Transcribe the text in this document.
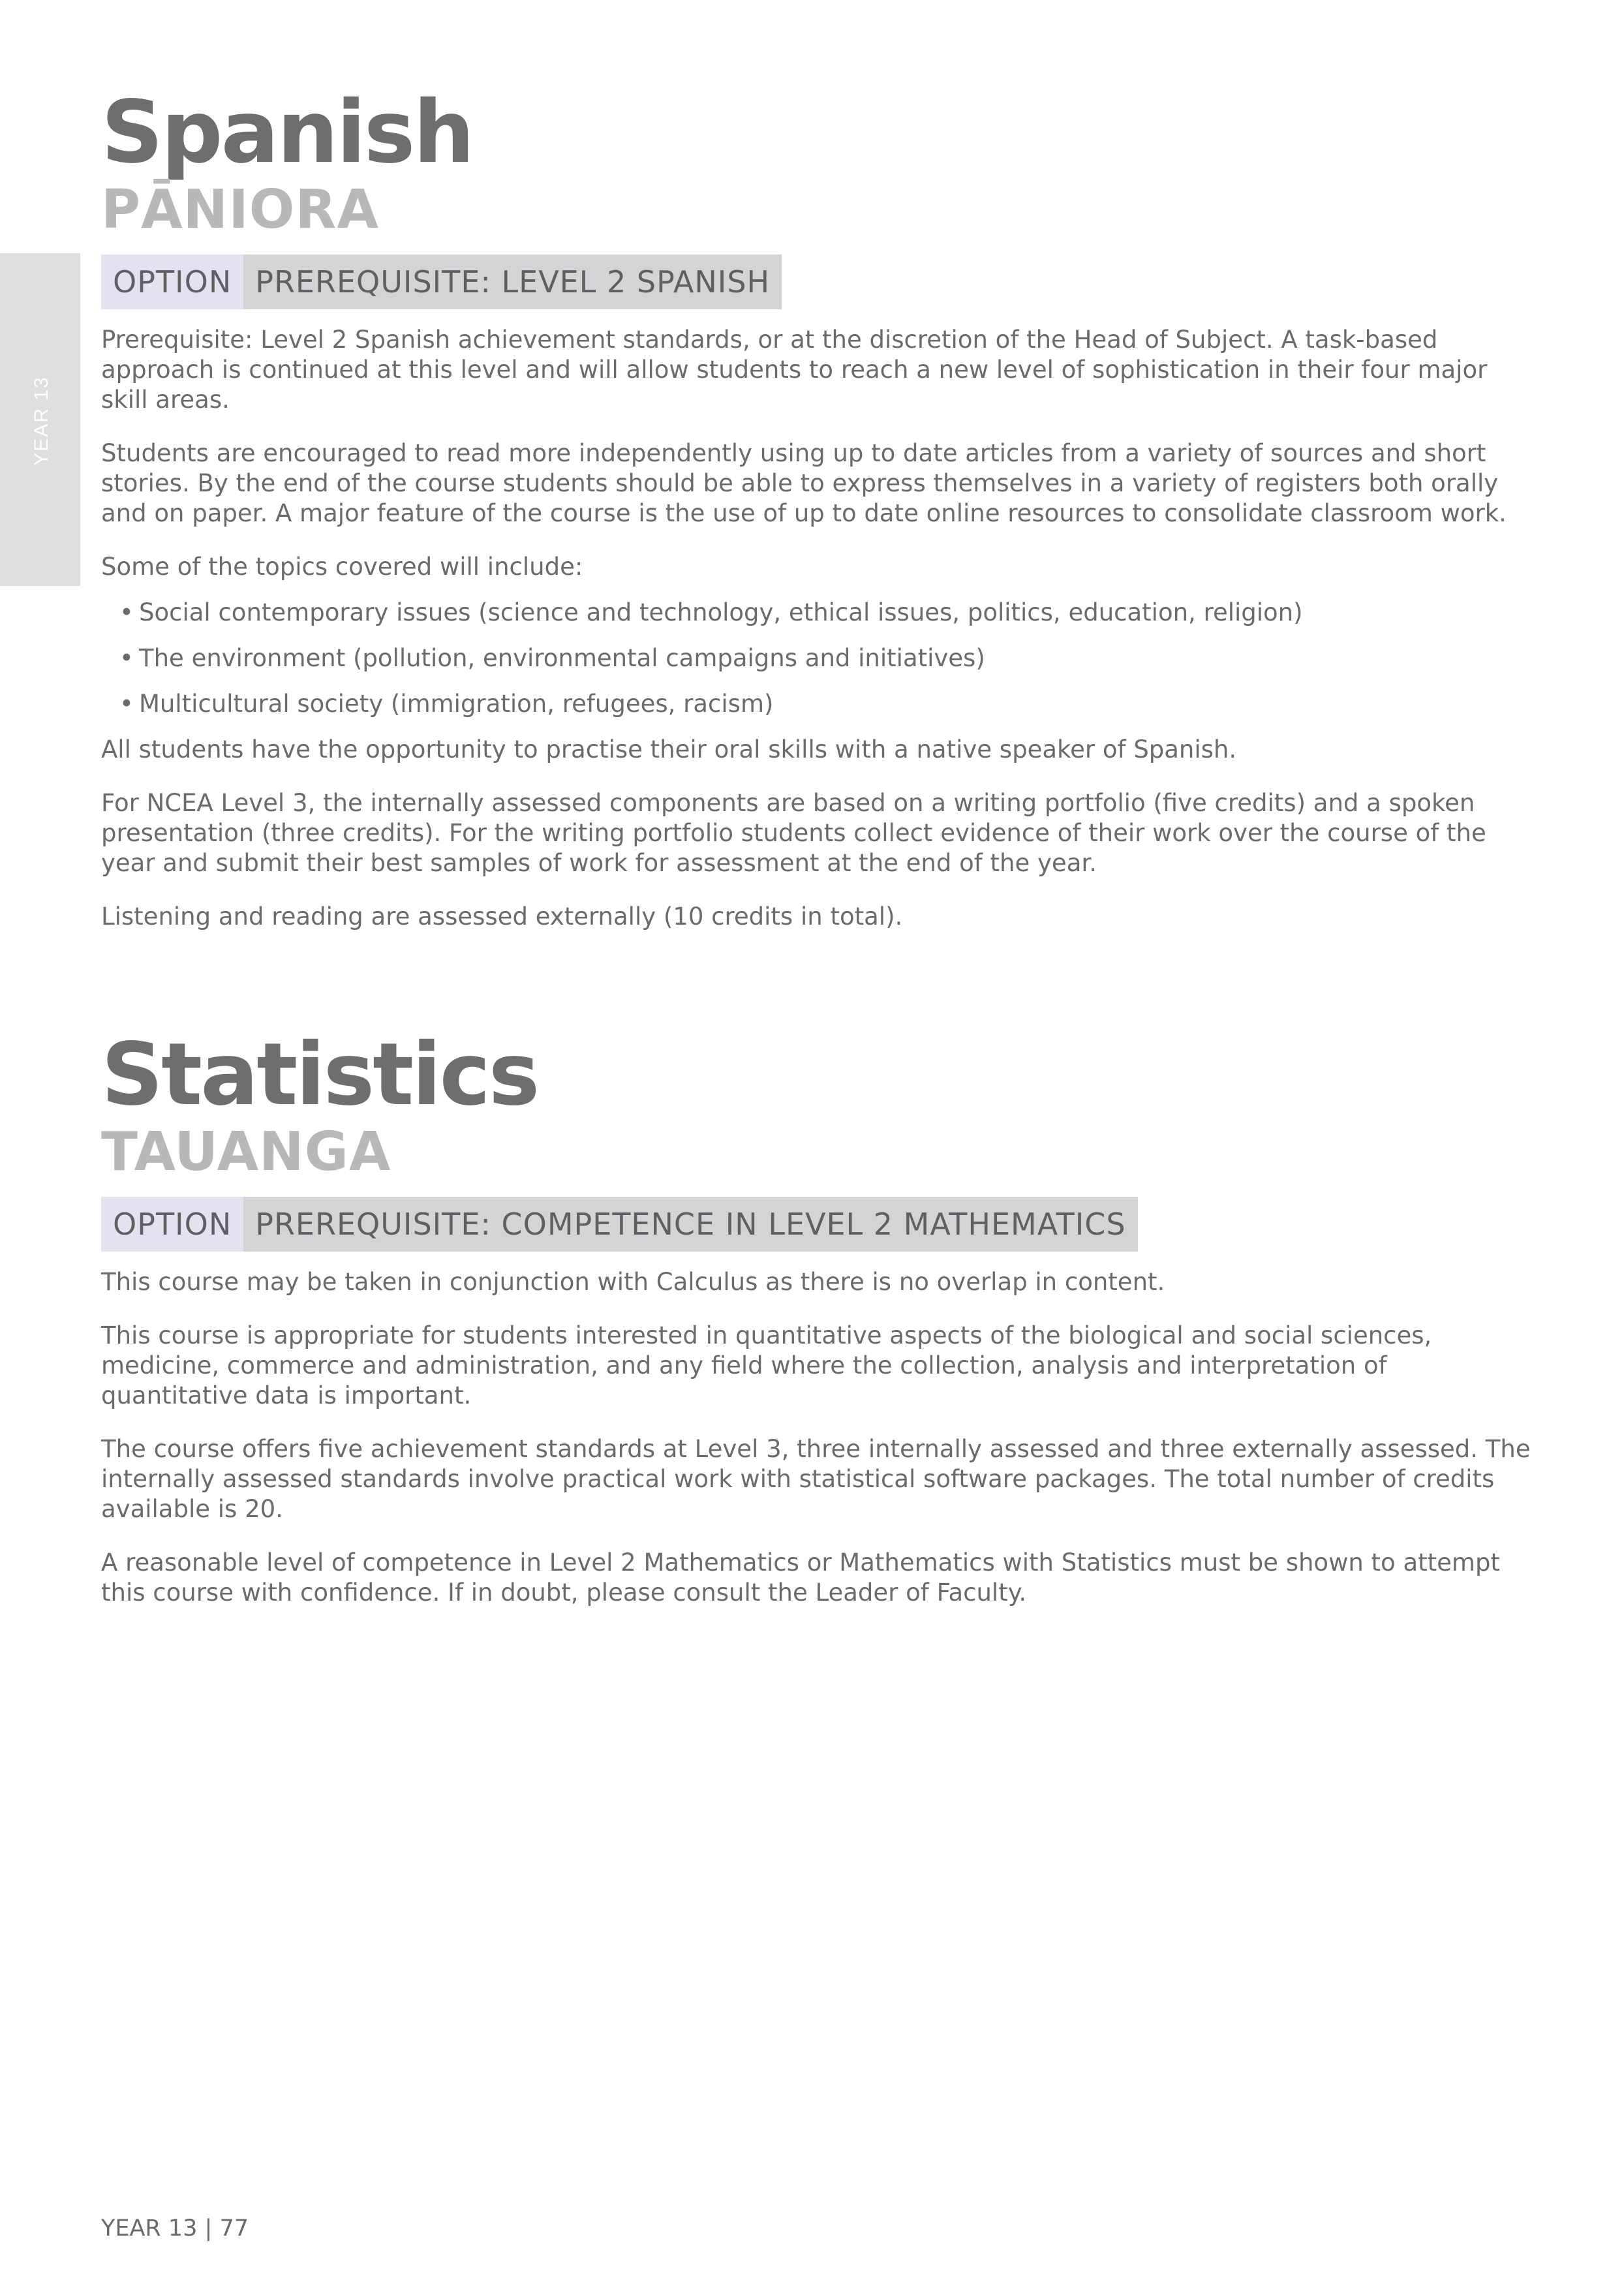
YEAR 13
Spanish
PĀNIORA
OPTION PREREQUISITE: LEVEL 2 SPANISH

Prerequisite: Level 2 Spanish achievement standards, or at the discretion of the Head of Subject. A task-based approach is continued at this level and will allow students to reach a new level of sophistication in their four major skill areas.

Students are encouraged to read more independently using up to date articles from a variety of sources and short stories. By the end of the course students should be able to express themselves in a variety of registers both orally and on paper. A major feature of the course is the use of up to date online resources to consolidate classroom work.

Some of the topics covered will include:

• Social contemporary issues (science and technology, ethical issues, politics, education, religion)
• The environment (pollution, environmental campaigns and initiatives)
• Multicultural society (immigration, refugees, racism)

All students have the opportunity to practise their oral skills with a native speaker of Spanish.

For NCEA Level 3, the internally assessed components are based on a writing portfolio (five credits) and a spoken presentation (three credits). For the writing portfolio students collect evidence of their work over the course of the year and submit their best samples of work for assessment at the end of the year.

Listening and reading are assessed externally (10 credits in total).

Statistics
TAUANGA
OPTION PREREQUISITE: COMPETENCE IN LEVEL 2 MATHEMATICS

This course may be taken in conjunction with Calculus as there is no overlap in content.

This course is appropriate for students interested in quantitative aspects of the biological and social sciences, medicine, commerce and administration, and any field where the collection, analysis and interpretation of quantitative data is important.

The course offers five achievement standards at Level 3, three internally assessed and three externally assessed. The internally assessed standards involve practical work with statistical software packages. The total number of credits available is 20.

A reasonable level of competence in Level 2 Mathematics or Mathematics with Statistics must be shown to attempt this course with confidence. If in doubt, please consult the Leader of Faculty.

YEAR 13 | 77
